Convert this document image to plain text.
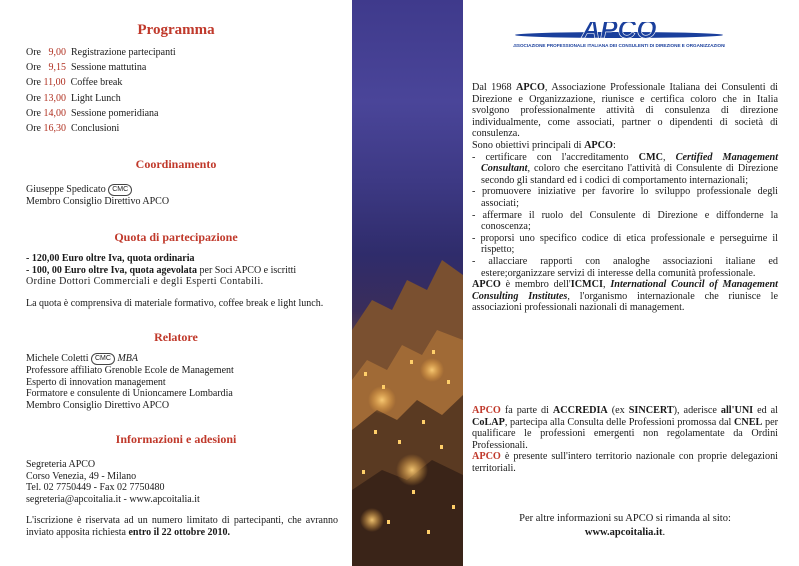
Programma
Ore   9,00  Registrazione partecipanti
Ore   9,15  Sessione mattutina
Ore 11,00  Coffee break
Ore 13,00  Light Lunch
Ore 14,00  Sessione pomeridiana
Ore 16,30  Conclusioni
Coordinamento
Giuseppe Spedicato CMC
Membro Consiglio Direttivo APCO
Quota di partecipazione
- 120,00 Euro oltre Iva, quota ordinaria
- 100, 00 Euro oltre Iva, quota agevolata per Soci APCO e iscritti
Ordine Dottori Commerciali e degli Esperti Contabili.
La quota è comprensiva di materiale formativo, coffee break e light lunch.
Relatore
Michele Coletti CMC MBA
Professore affiliato Grenoble Ecole de Management
Esperto di innovation management
Formatore e consulente di Unioncamere Lombardia
Membro Consiglio Direttivo APCO
Informazioni e adesioni
Segreteria APCO
Corso Venezia, 49 - Milano
Tel. 02 7750449 - Fax 02 7750480
segreteria@apcoitalia.it - www.apcoitalia.it
L'iscrizione è riservata ad un numero limitato di partecipanti, che avranno inviato apposita richiesta entro il 22 ottobre 2010.
APCO
ASSOCIAZIONE PROFESSIONALE ITALIANA DEI CONSULENTI DI DIREZIONE E ORGANIZZAZIONE

Dal 1968 APCO, Associazione Professionale Italiana dei Consulenti di Direzione e Organizzazione, riunisce e certifica coloro che in Italia svolgono professionalmente attività di consulenza di direzione individualmente, come associati, partner o dipendenti di società di consulenza.

Sono obiettivi principali di APCO:

- certificare con l'accreditamento CMC, Certified Management Consultant, coloro che esercitano l'attività di Consulente di Direzione secondo gli standard ed i codici di comportamento internazionali;

- promuovere iniziative per favorire lo sviluppo professionale degli associati;

- affermare il ruolo del Consulente di Direzione e diffonderne la conoscenza;

- proporsi uno specifico codice di etica professionale e perseguirne il rispetto;

- allacciare rapporti con analoghe associazioni italiane ed estere;organizzare servizi di interesse della comunità professionale.

APCO è membro dell'ICMCI, International Council of Management Consulting Institutes, l'organismo internazionale che riunisce le associazioni professionali nazionali di management.

APCO fa parte di ACCREDIA (ex SINCERT), aderisce all'UNI ed al CoLAP, partecipa alla Consulta delle Professioni promossa dal CNEL per qualificare le professioni emergenti non regolamentate da Ordini Professionali.

APCO è presente sull'intero territorio nazionale con proprie delegazioni territoriali.

Per altre informazioni su APCO si rimanda al sito:
www.apcoitalia.it.
